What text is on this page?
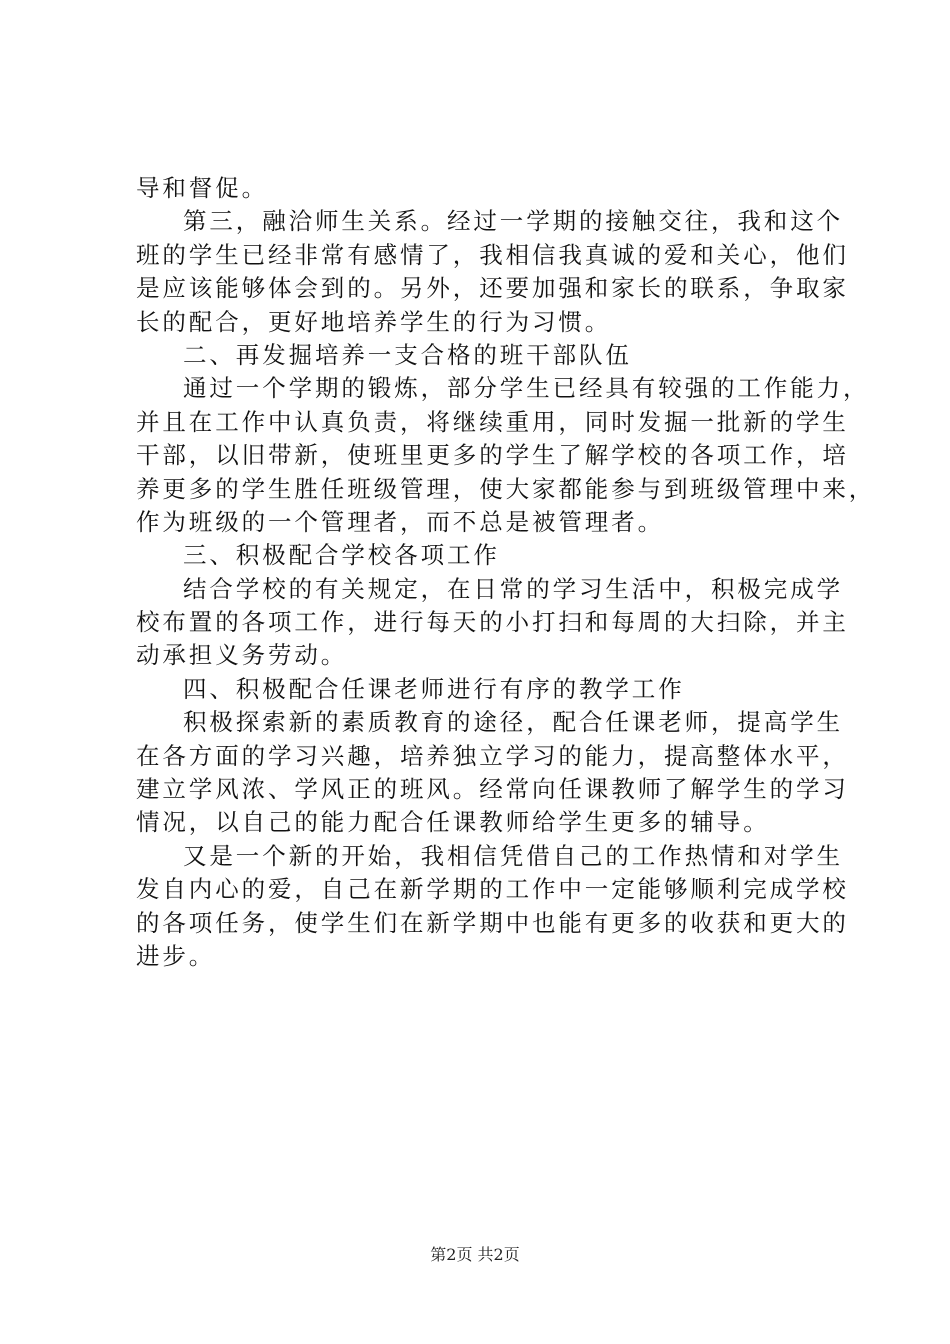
导和督促。
第三，融洽师生关系。经过一学期的接触交往，我和这个
班的学生已经非常有感情了，我相信我真诚的爱和关心，他们
是应该能够体会到的。另外，还要加强和家长的联系，争取家
长的配合，更好地培养学生的行为习惯。
二、再发掘培养一支合格的班干部队伍
通过一个学期的锻炼，部分学生已经具有较强的工作能力，
并且在工作中认真负责，将继续重用，同时发掘一批新的学生
干部，以旧带新，使班里更多的学生了解学校的各项工作，培
养更多的学生胜任班级管理，使大家都能参与到班级管理中来，
作为班级的一个管理者，而不总是被管理者。
三、积极配合学校各项工作
结合学校的有关规定，在日常的学习生活中，积极完成学
校布置的各项工作，进行每天的小打扫和每周的大扫除，并主
动承担义务劳动。
四、积极配合任课老师进行有序的教学工作
积极探索新的素质教育的途径，配合任课老师，提高学生
在各方面的学习兴趣，培养独立学习的能力，提高整体水平，
建立学风浓、学风正的班风。经常向任课教师了解学生的学习
情况，以自己的能力配合任课教师给学生更多的辅导。
又是一个新的开始，我相信凭借自己的工作热情和对学生
发自内心的爱，自己在新学期的工作中一定能够顺利完成学校
的各项任务，使学生们在新学期中也能有更多的收获和更大的
进步。
第2页 共2页
